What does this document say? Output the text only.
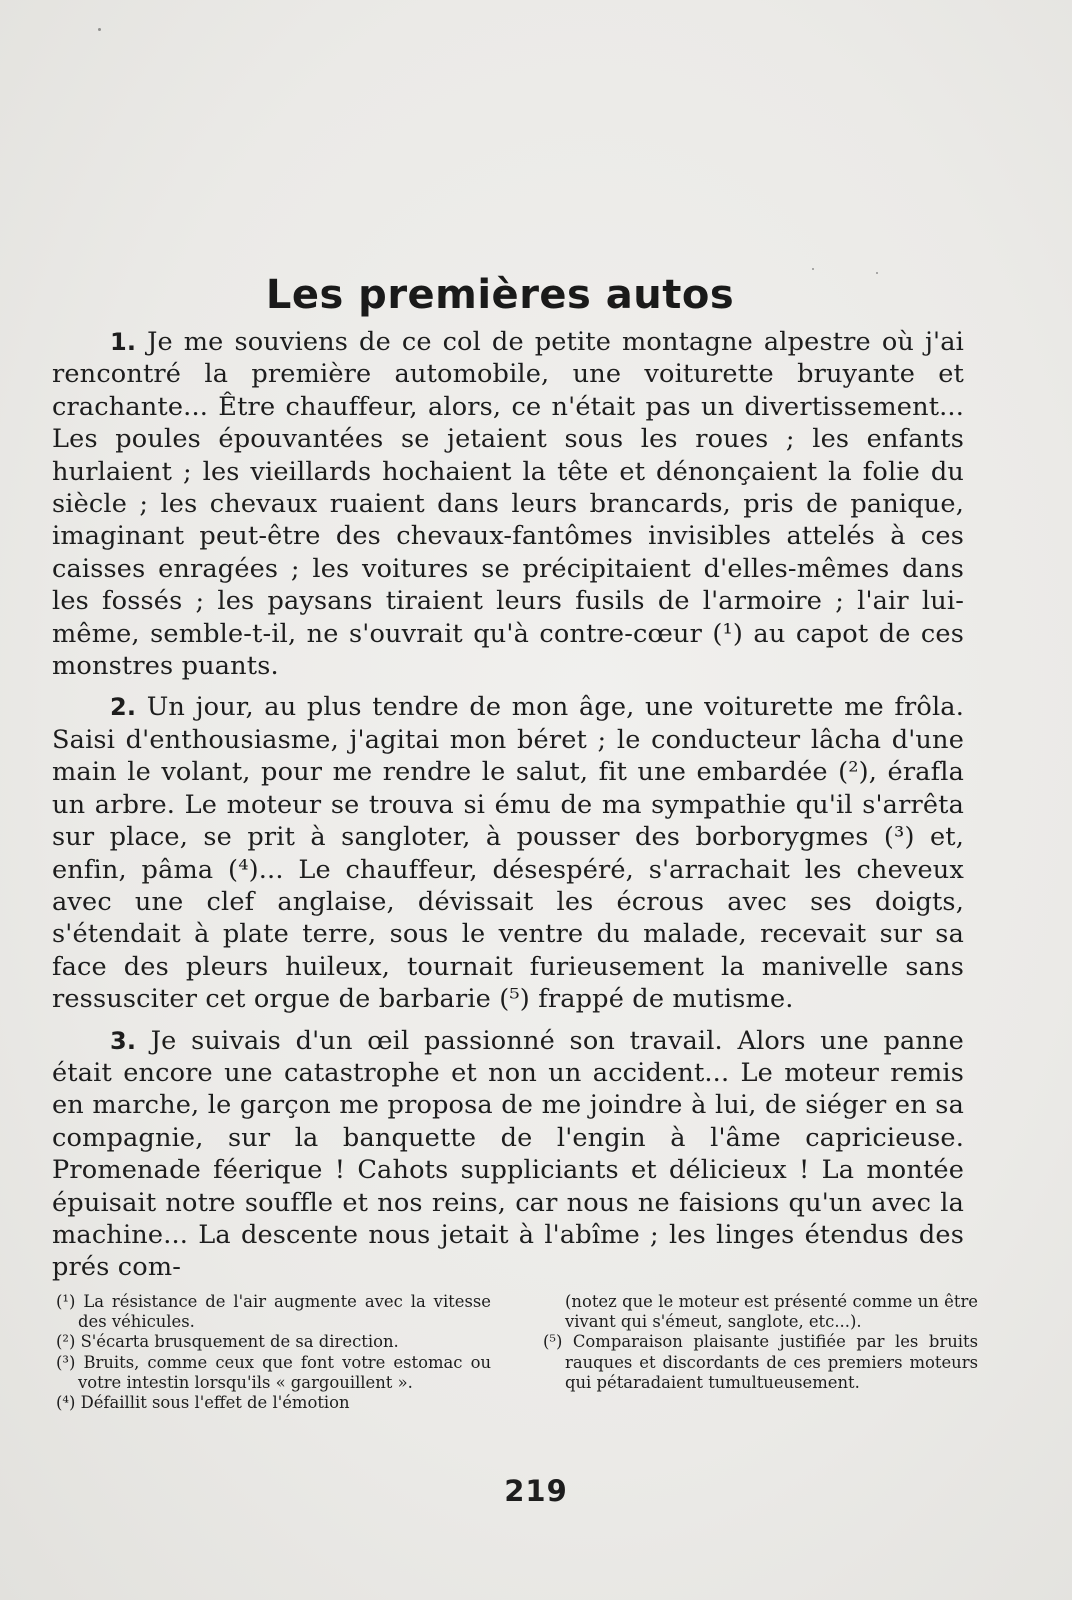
Les premières autos

1. Je me souviens de ce col de petite montagne alpestre où j'ai rencontré la première automobile, une voiturette bruyante et crachante... Être chauffeur, alors, ce n'était pas un divertissement... Les poules épouvantées se jetaient sous les roues ; les enfants hurlaient ; les vieillards hochaient la tête et dénonçaient la folie du siècle ; les chevaux ruaient dans leurs brancards, pris de panique, imaginant peut-être des chevaux-fantômes invisibles attelés à ces caisses enragées ; les voitures se précipitaient d'elles-mêmes dans les fossés ; les paysans tiraient leurs fusils de l'armoire ; l'air lui-même, semble-t-il, ne s'ouvrait qu'à contre-cœur (¹) au capot de ces monstres puants.

2. Un jour, au plus tendre de mon âge, une voiturette me frôla. Saisi d'enthousiasme, j'agitai mon béret ; le conducteur lâcha d'une main le volant, pour me rendre le salut, fit une embardée (²), érafla un arbre. Le moteur se trouva si ému de ma sympathie qu'il s'arrêta sur place, se prit à sangloter, à pousser des borborygmes (³) et, enfin, pâma (⁴)... Le chauffeur, désespéré, s'arrachait les cheveux avec une clef anglaise, dévissait les écrous avec ses doigts, s'étendait à plate terre, sous le ventre du malade, recevait sur sa face des pleurs huileux, tournait furieusement la manivelle sans ressusciter cet orgue de barbarie (⁵) frappé de mutisme.

3. Je suivais d'un œil passionné son travail. Alors une panne était encore une catastrophe et non un accident... Le moteur remis en marche, le garçon me proposa de me joindre à lui, de siéger en sa compagnie, sur la banquette de l'engin à l'âme capricieuse. Promenade féerique ! Cahots suppliciants et délicieux ! La montée épuisait notre souffle et nos reins, car nous ne faisions qu'un avec la machine... La descente nous jetait à l'abîme ; les linges étendus des prés com-

(¹) La résistance de l'air augmente avec la vitesse des véhicules.

(²) S'écarta brusquement de sa direction.

(³) Bruits, comme ceux que font votre estomac ou votre intestin lorsqu'ils « gargouillent ».

(⁴) Défaillit sous l'effet de l'émotion

(notez que le moteur est présenté comme un être vivant qui s'émeut, sanglote, etc...).

(⁵) Comparaison plaisante justifiée par les bruits rauques et discordants de ces premiers moteurs qui pétaradaient tumultueusement.

219
